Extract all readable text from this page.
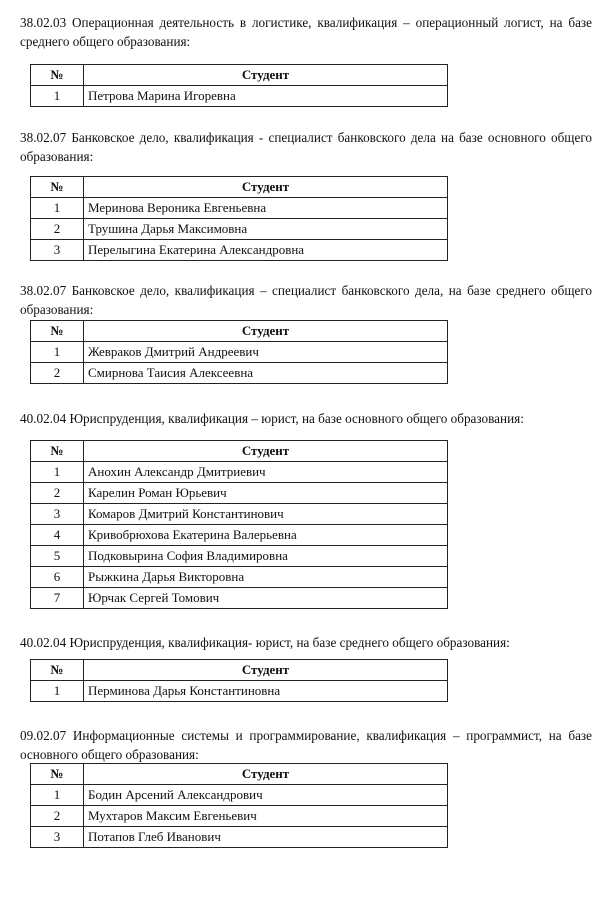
38.02.03 Операционная деятельность в логистике, квалификация – операционный логист, на базе среднего общего образования:
№	Студент
1	Петрова Марина Игоревна
38.02.07 Банковское дело, квалификация - специалист банковского дела на базе основного общего образования:
№	Студент
1	Меринова Вероника Евгеньевна
2	Трушина Дарья Максимовна
3	Перелыгина Екатерина Александровна
38.02.07 Банковское дело, квалификация – специалист банковского дела, на базе среднего общего образования:
№	Студент
1	Жевраков Дмитрий Андреевич
2	Смирнова Таисия Алексеевна
40.02.04 Юриспруденция, квалификация – юрист, на базе основного общего образования:
№	Студент
1	Анохин Александр Дмитриевич
2	Карелин Роман Юрьевич
3	Комаров Дмитрий Константинович
4	Кривобрюхова Екатерина Валерьевна
5	Подковырина София Владимировна
6	Рыжкина Дарья Викторовна
7	Юрчак Сергей Томович
40.02.04 Юриспруденция, квалификация- юрист, на базе среднего общего образования:
№	Студент
1	Перминова Дарья Константиновна
09.02.07 Информационные системы и программирование, квалификация – программист, на базе основного общего образования:
№	Студент
1	Бодин Арсений Александрович
2	Мухтаров Максим Евгеньевич
3	Потапов Глеб Иванович
